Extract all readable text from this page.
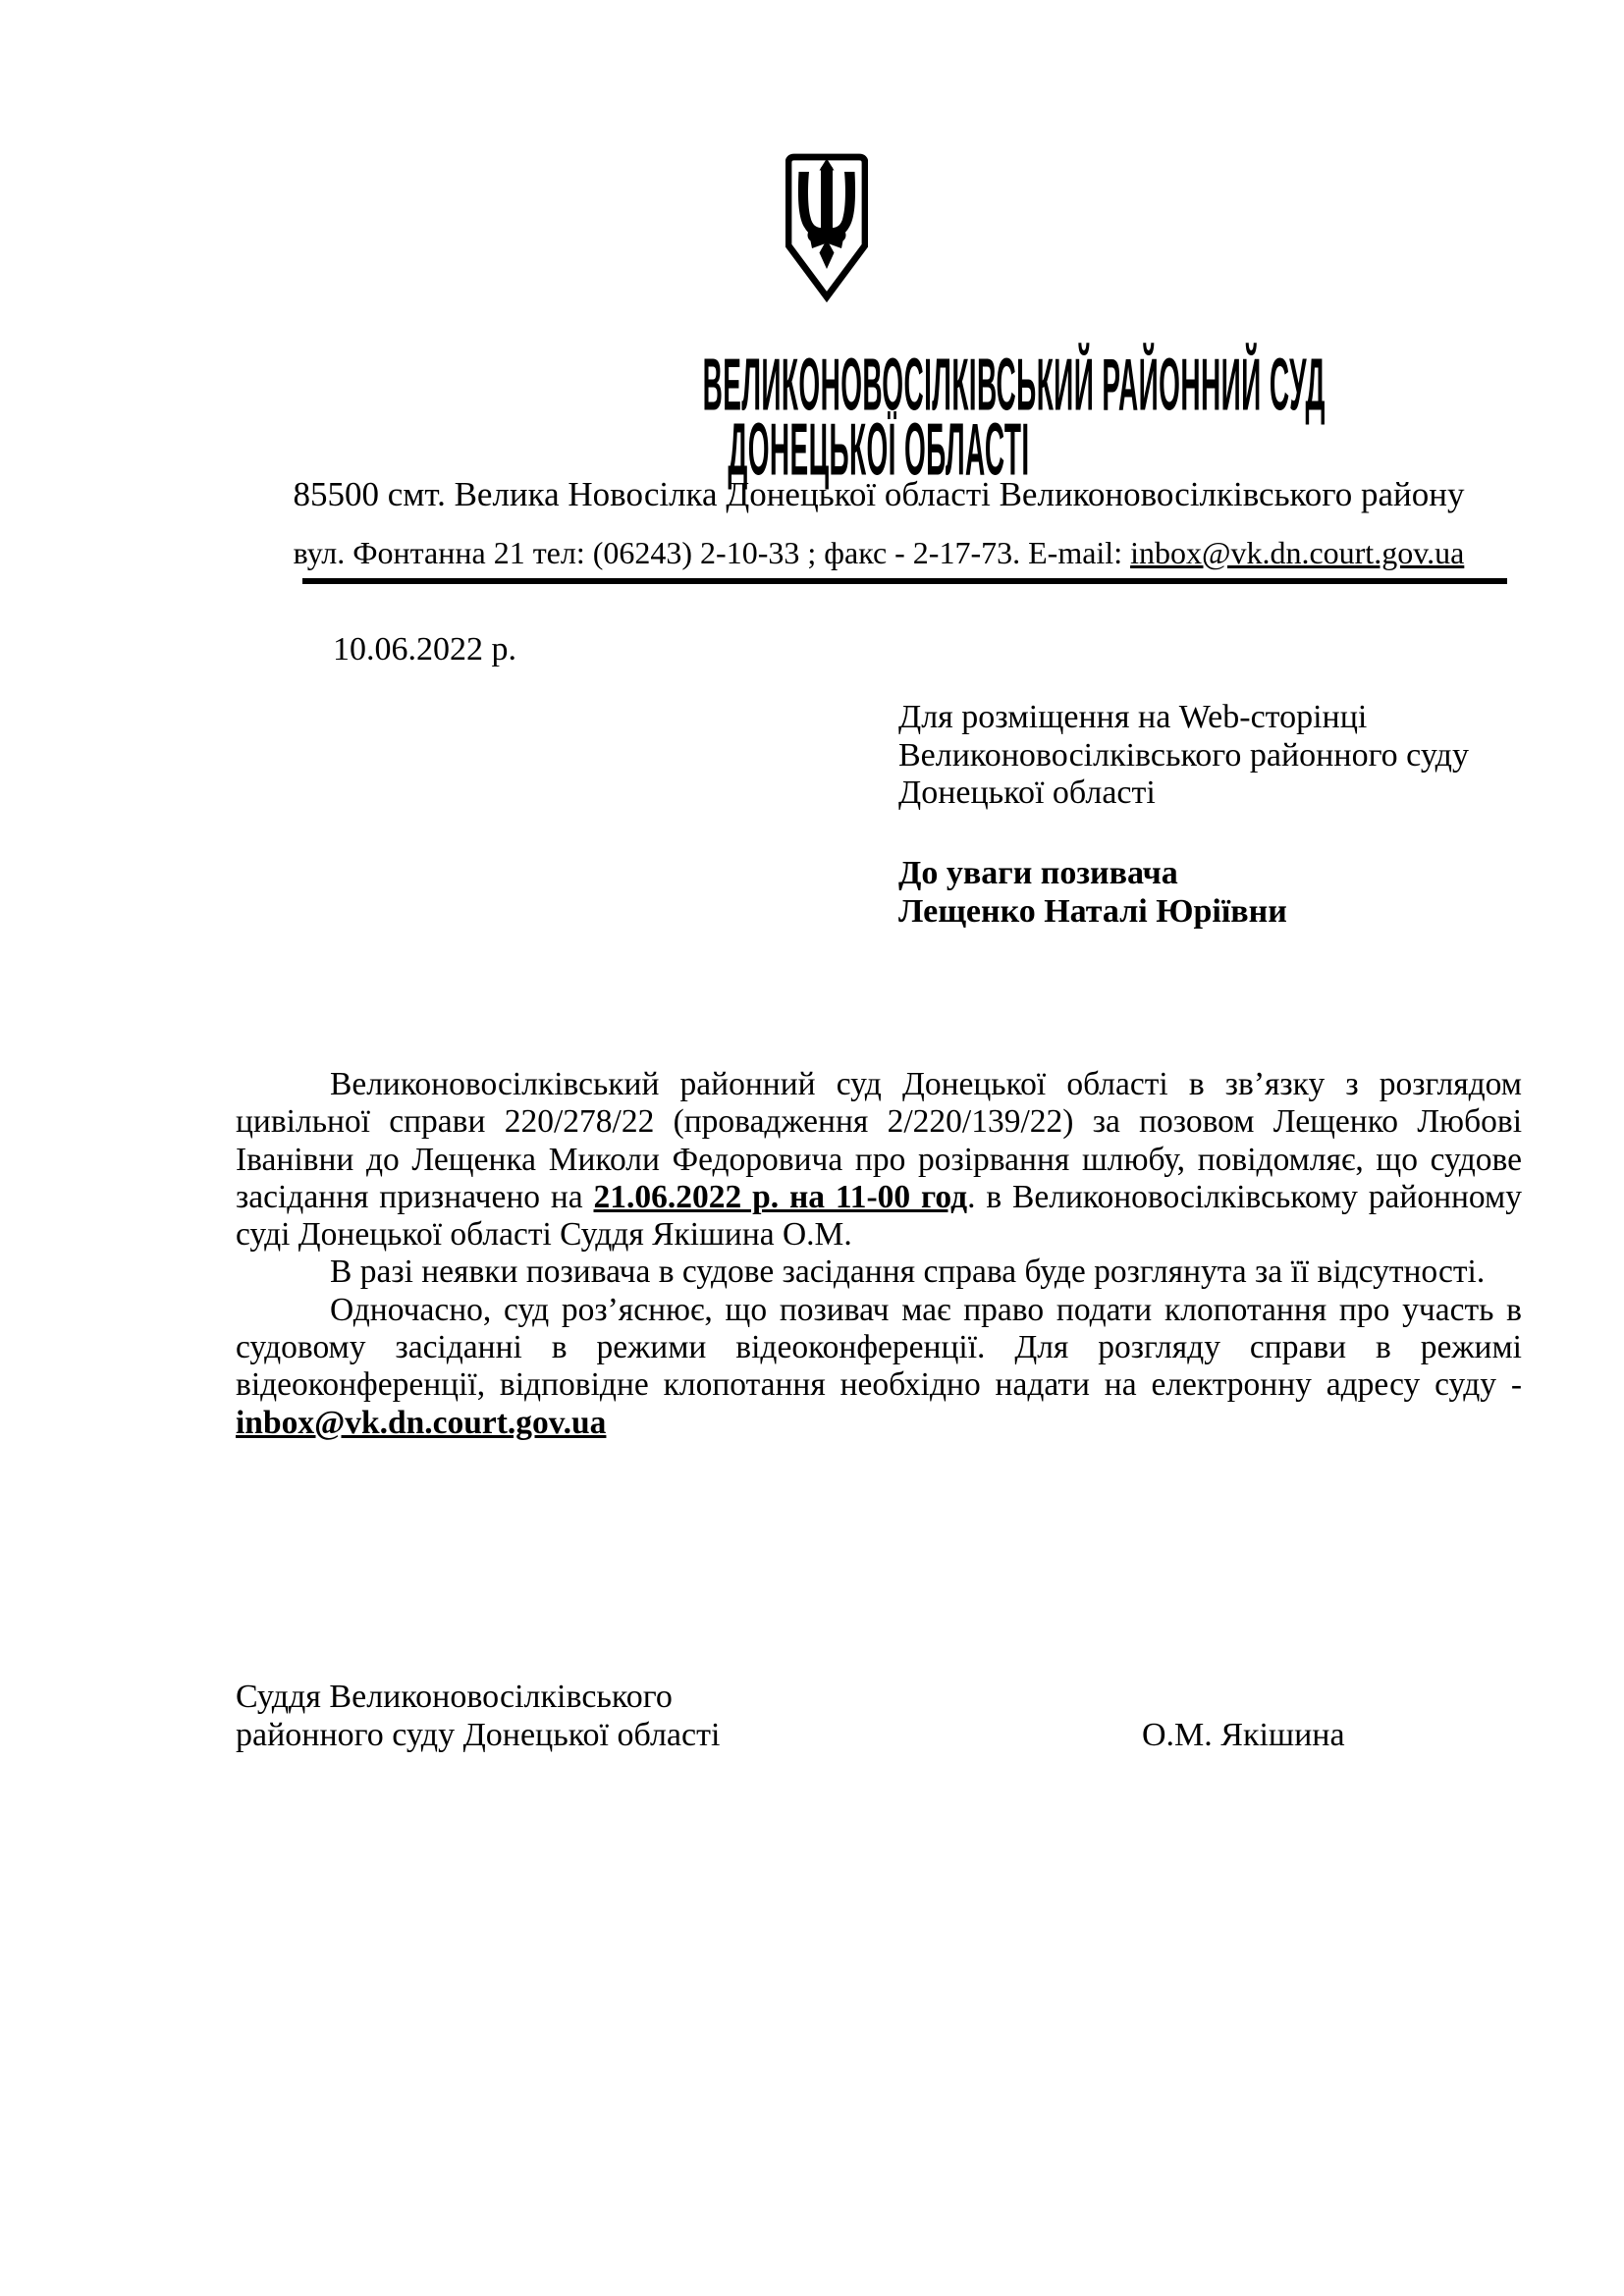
ВЕЛИКОНОВОСІЛКІВСЬКИЙ РАЙОННИЙ СУД
ДОНЕЦЬКОЇ ОБЛАСТІ
85500 смт. Велика Новосілка Донецької області Великоновосілківського району
вул. Фонтанна 21 тел: (06243) 2-10-33 ; факс - 2-17-73. E-mail: inbox@vk.dn.court.gov.ua
10.06.2022 р.
Для розміщення на Web-сторінці
Великоновосілківського районного суду
Донецької області
До уваги позивача
Лещенко Наталі Юріївни

Великоновосілківський районний суд Донецької області в зв’язку з розглядом цивільної справи 220/278/22 (провадження 2/220/139/22) за позовом Лещенко Любові Іванівни до Лещенка Миколи Федоровича про розірвання шлюбу, повідомляє, що судове засідання призначено на 21.06.2022 р. на 11-00 год. в Великоновосілківському районному суді Донецької області Суддя Якішина О.М.

В разі неявки позивача в судове засідання справа буде розглянута за її відсутності.

Одночасно, суд роз’яснює, що позивач має право подати клопотання про участь в судовому засіданні в режими відеоконференції. Для розгляду справи в режимі відеоконференції, відповідне клопотання необхідно надати на електронну адресу суду - inbox@vk.dn.court.gov.ua

Суддя Великоновосілківського
районного суду Донецької області	О.М. Якішина
